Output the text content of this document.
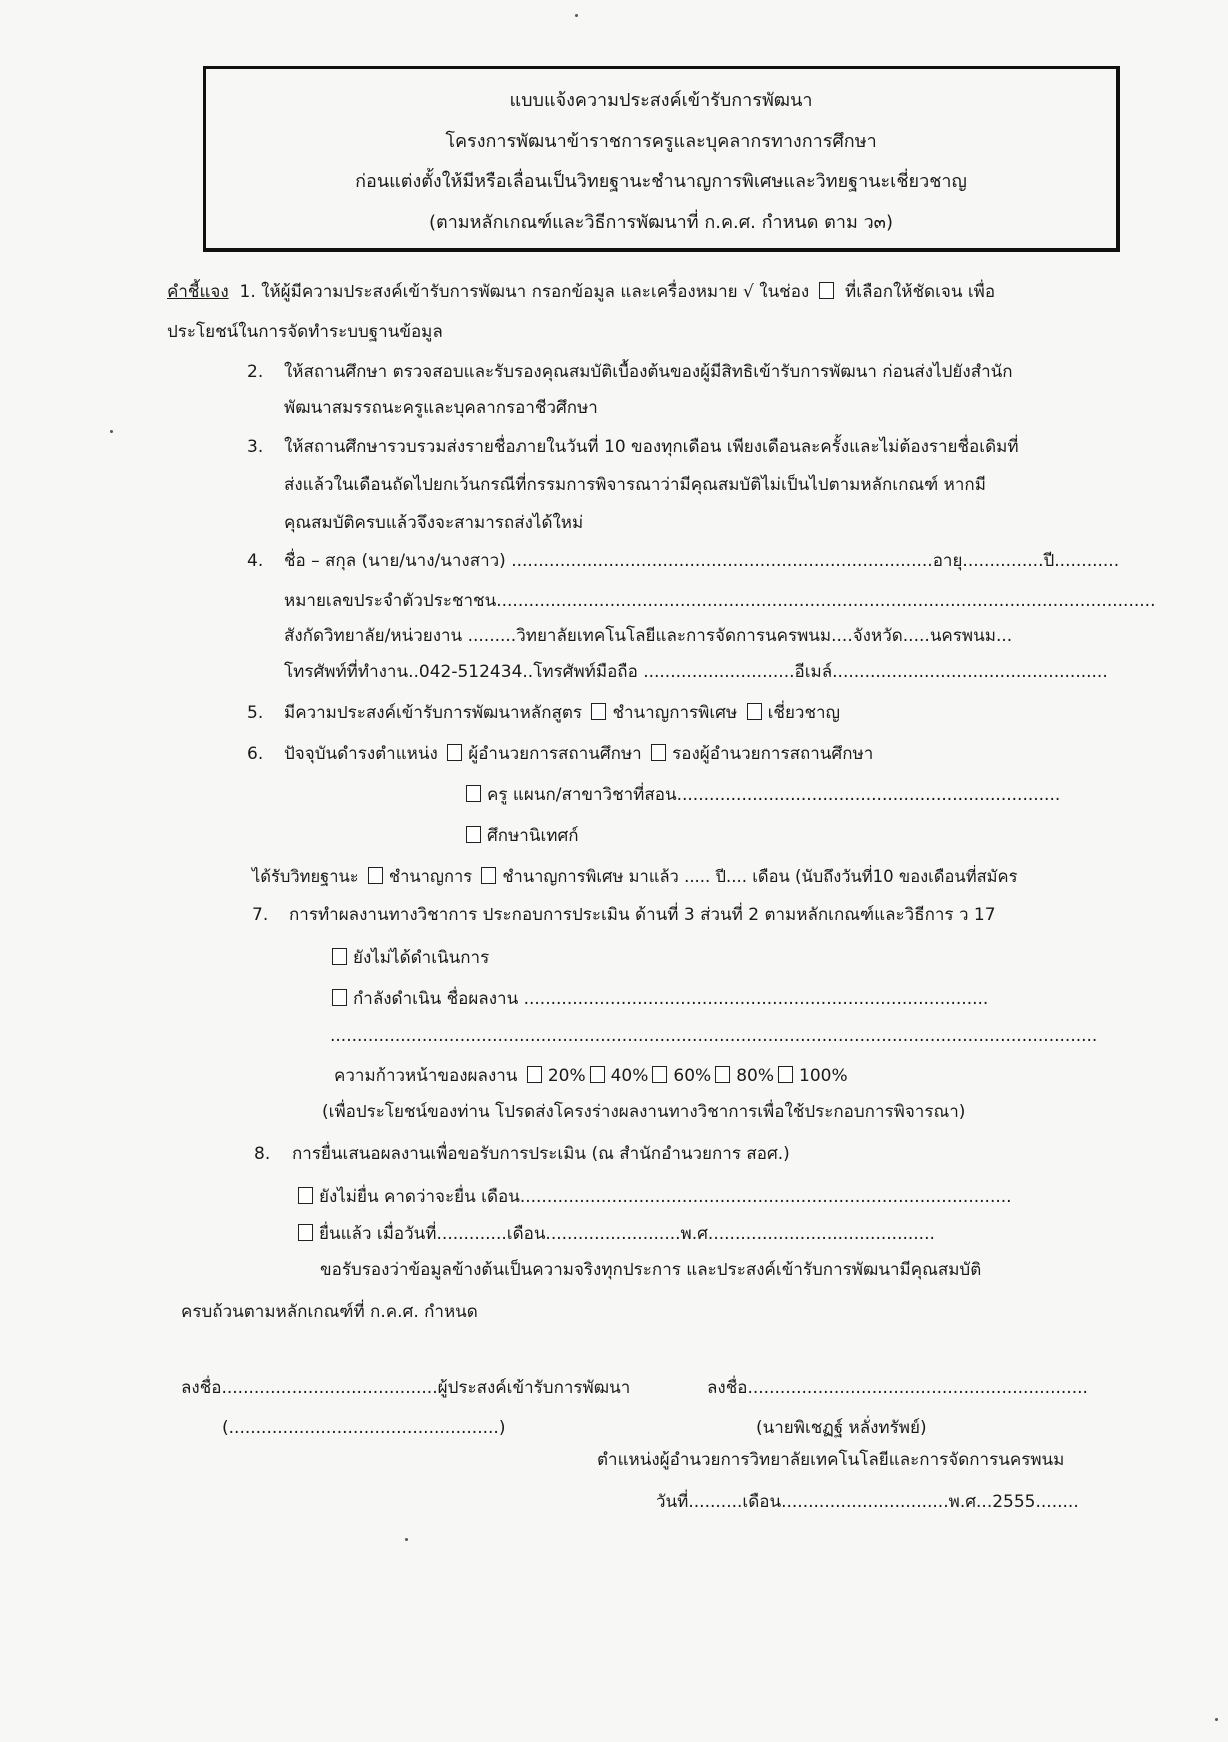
แบบแจ้งความประสงค์เข้ารับการพัฒนา
โครงการพัฒนาข้าราชการครูและบุคลากรทางการศึกษา
ก่อนแต่งตั้งให้มีหรือเลื่อนเป็นวิทยฐานะชำนาญการพิเศษและวิทยฐานะเชี่ยวชาญ
(ตามหลักเกณฑ์และวิธีการพัฒนาที่ ก.ค.ศ. กำหนด ตาม ว๓)
คำชี้แจง 1. ให้ผู้มีความประสงค์เข้ารับการพัฒนา กรอกข้อมูล และเครื่องหมาย √ ในช่อง ที่เลือกให้ชัดเจน เพื่อ
ประโยชน์ในการจัดทำระบบฐานข้อมูล
2. ให้สถานศึกษา ตรวจสอบและรับรองคุณสมบัติเบื้องต้นของผู้มีสิทธิเข้ารับการพัฒนา ก่อนส่งไปยังสำนัก
พัฒนาสมรรถนะครูและบุคลากรอาชีวศึกษา
3. ให้สถานศึกษารวบรวมส่งรายชื่อภายในวันที่ 10 ของทุกเดือน เพียงเดือนละครั้งและไม่ต้องรายชื่อเดิมที่
ส่งแล้วในเดือนถัดไปยกเว้นกรณีที่กรรมการพิจารณาว่ามีคุณสมบัติไม่เป็นไปตามหลักเกณฑ์ หากมี
คุณสมบัติครบแล้วจึงจะสามารถส่งได้ใหม่
4. ชื่อ – สกุล (นาย/นาง/นางสาว) ..............................................................................อายุ...............ปี............
หมายเลขประจำตัวประชาชน..........................................................................................................................
สังกัดวิทยาลัย/หน่วยงาน .........วิทยาลัยเทคโนโลยีและการจัดการนครพนม....จังหวัด.....นครพนม...
โทรศัพท์ที่ทำงาน..042-512434..โทรศัพท์มือถือ ............................อีเมล์...................................................
5. มีความประสงค์เข้ารับการพัฒนาหลักสูตร ชำนาญการพิเศษ เชี่ยวชาญ
6. ปัจจุบันดำรงตำแหน่ง ผู้อำนวยการสถานศึกษา รองผู้อำนวยการสถานศึกษา
ครู แผนก/สาขาวิชาที่สอน.......................................................................
ศึกษานิเทศก์
ได้รับวิทยฐานะ ชำนาญการ ชำนาญการพิเศษ มาแล้ว ..... ปี.... เดือน (นับถึงวันที่10 ของเดือนที่สมัคร
7. การทำผลงานทางวิชาการ ประกอบการประเมิน ด้านที่ 3 ส่วนที่ 2 ตามหลักเกณฑ์และวิธีการ ว 17
ยังไม่ได้ดำเนินการ
กำลังดำเนิน ชื่อผลงาน ......................................................................................
..............................................................................................................................................
ความก้าวหน้าของผลงาน 20% 40% 60% 80% 100%
(เพื่อประโยชน์ของท่าน โปรดส่งโครงร่างผลงานทางวิชาการเพื่อใช้ประกอบการพิจารณา)
8. การยื่นเสนอผลงานเพื่อขอรับการประเมิน (ณ สำนักอำนวยการ สอศ.)
ยังไม่ยื่น คาดว่าจะยื่น เดือน...........................................................................................
ยื่นแล้ว เมื่อวันที่.............เดือน.........................พ.ศ..........................................
ขอรับรองว่าข้อมูลข้างต้นเป็นความจริงทุกประการ และประสงค์เข้ารับการพัฒนามีคุณสมบัติ
ครบถ้วนตามหลักเกณฑ์ที่ ก.ค.ศ. กำหนด
ลงชื่อ........................................ผู้ประสงค์เข้ารับการพัฒนา
(..................................................)
ลงชื่อ...............................................................
(นายพิเชฏฐ์ หลั่งทรัพย์)
ตำแหน่งผู้อำนวยการวิทยาลัยเทคโนโลยีและการจัดการนครพนม
วันที่..........เดือน...............................พ.ศ...2555........
